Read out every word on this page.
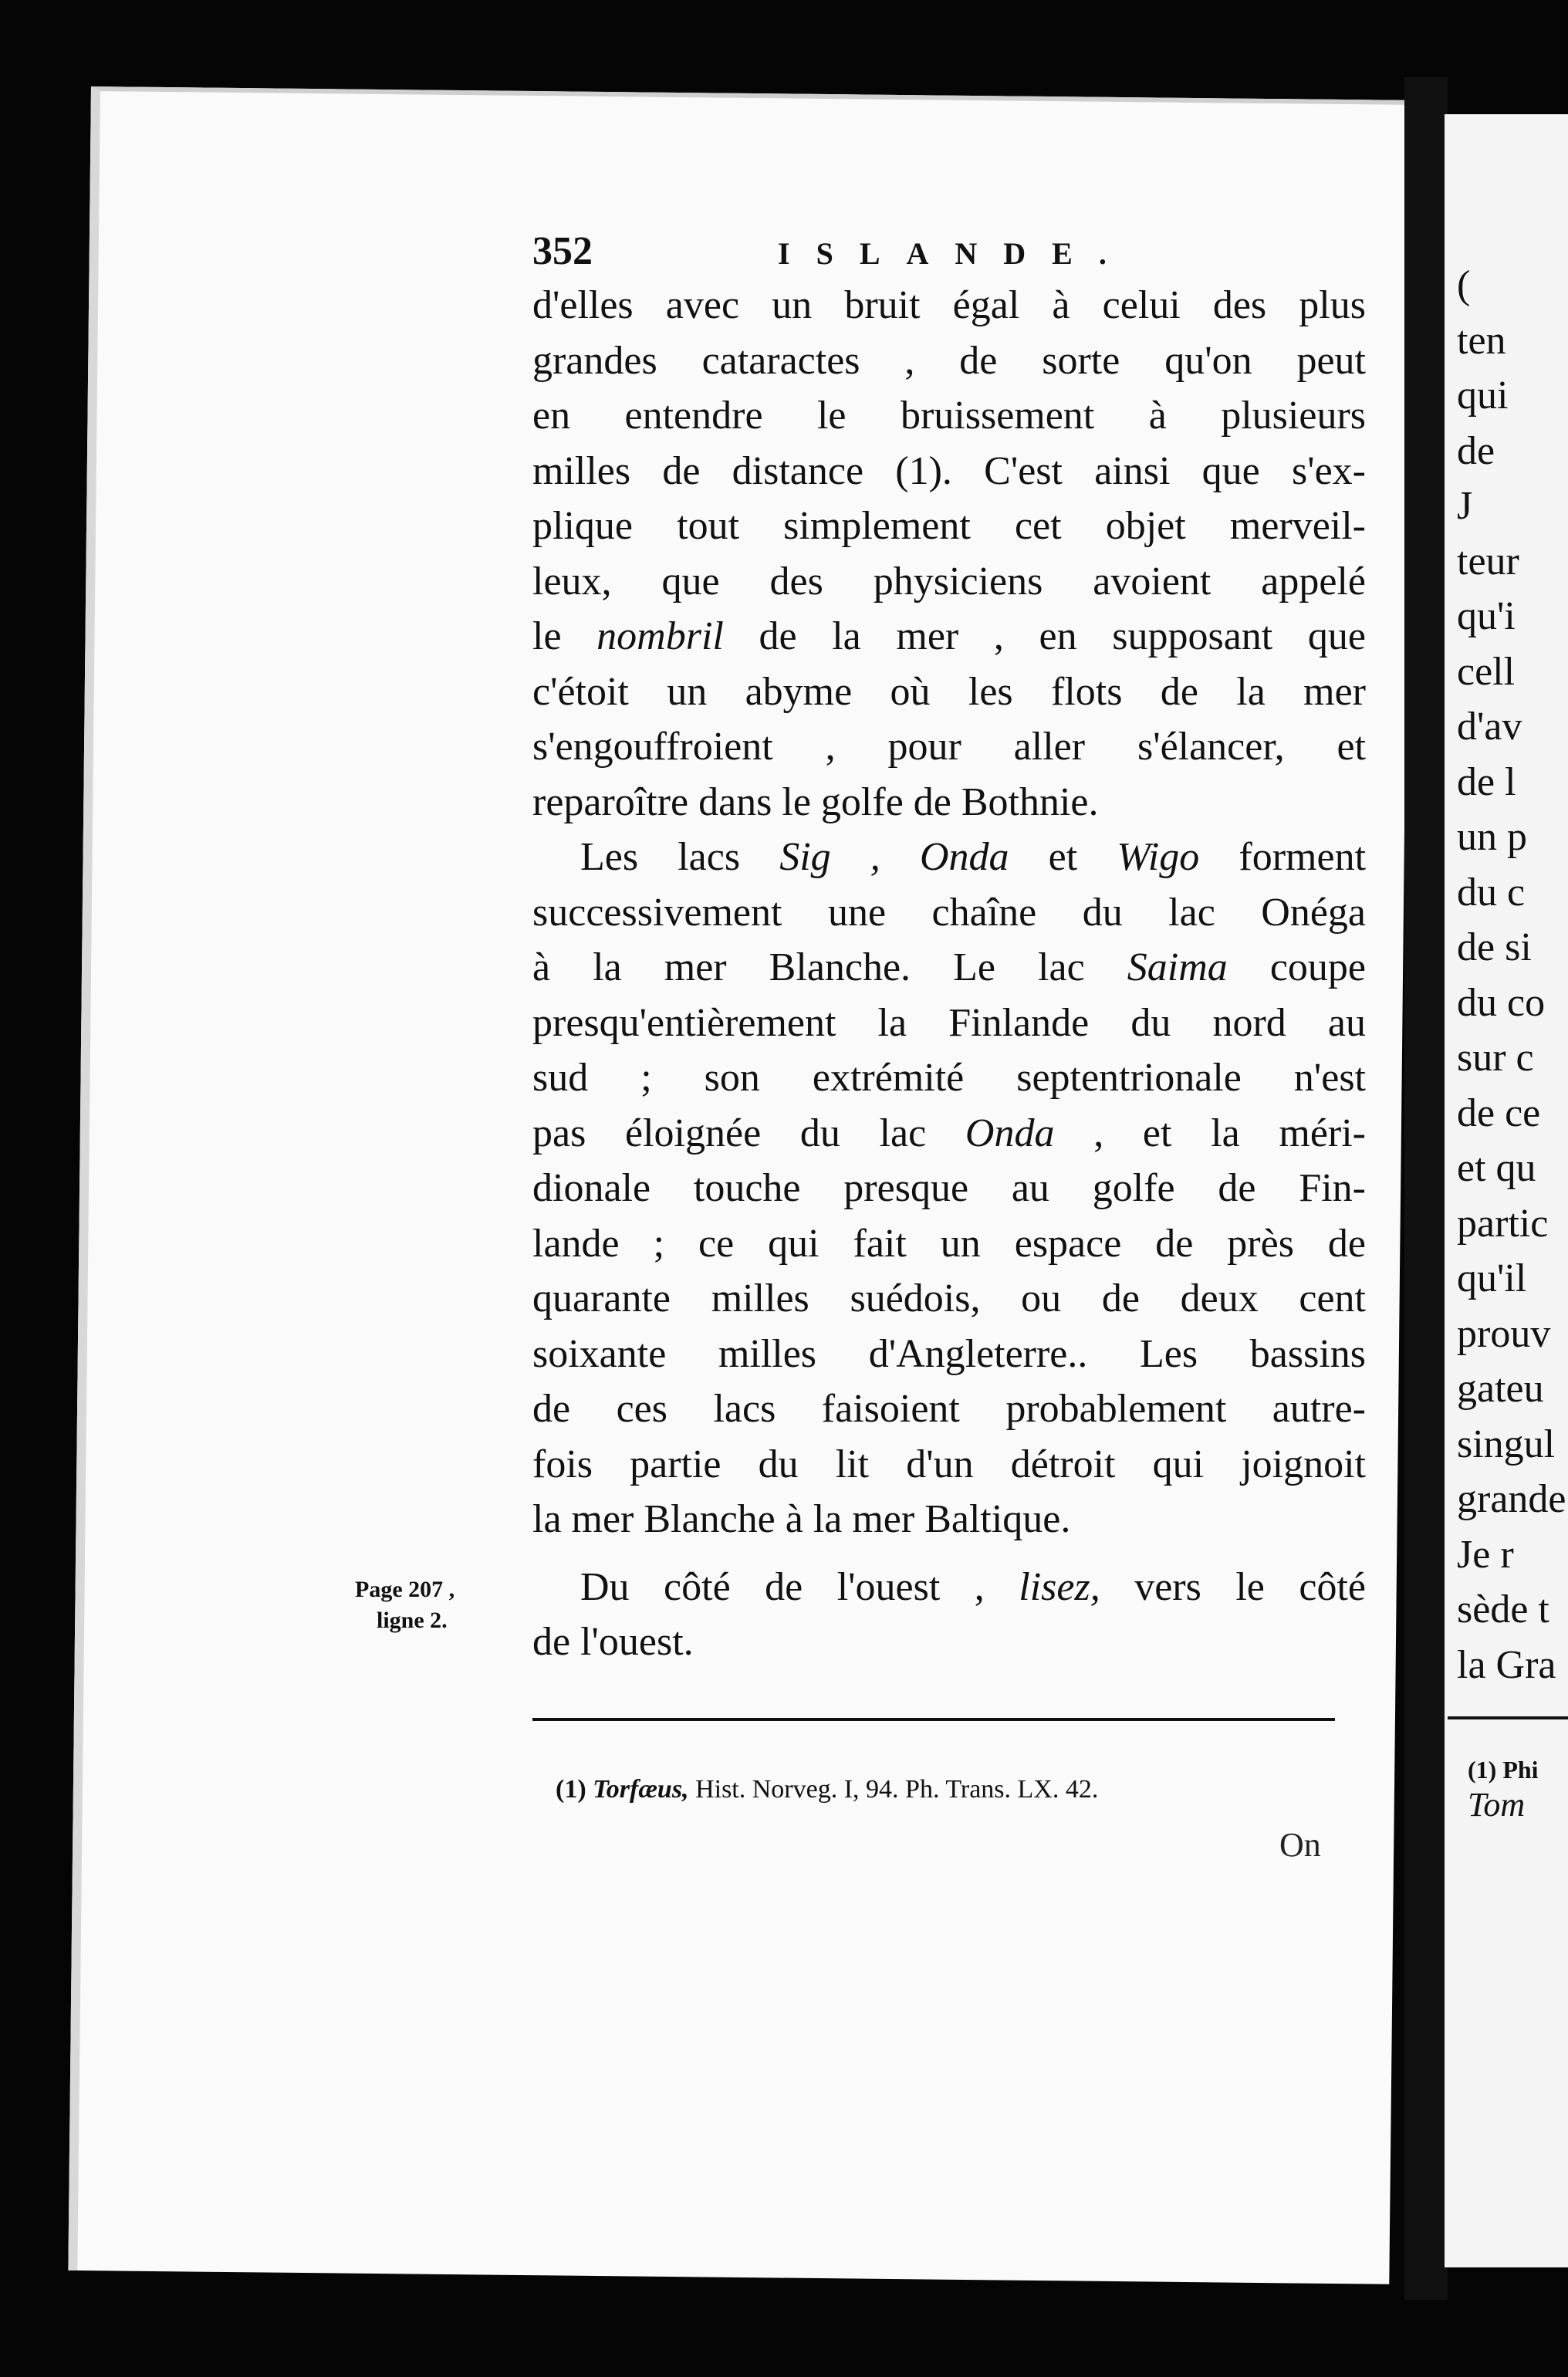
352	ISLANDE.
d'elles avec un bruit égal à celui des plus
grandes cataractes , de sorte qu'on peut
en entendre le bruissement à plusieurs
milles de distance (1). C'est ainsi que s'ex-
plique tout simplement cet objet merveil-
leux, que des physiciens avoient appelé
le nombril de la mer , en supposant que
c'étoit un abyme où les flots de la mer
s'engouffroient , pour aller s'élancer, et
reparoître dans le golfe de Bothnie.
Les lacs Sig , Onda et Wigo forment
successivement une chaîne du lac Onéga
à la mer Blanche. Le lac Saima coupe
presqu'entièrement la Finlande du nord au
sud ; son extrémité septentrionale n'est
pas éloignée du lac Onda , et la méri-
dionale touche presque au golfe de Fin-
lande ; ce qui fait un espace de près de
quarante milles suédois, ou de deux cent
soixante milles d'Angleterre.. Les bassins
de ces lacs faisoient probablement autre-
fois partie du lit d'un détroit qui joignoit
la mer Blanche à la mer Baltique.
Du côté de l'ouest , lisez, vers le côté
de l'ouest.
Page 207 ,
ligne 2.
(1) Torfæus, Hist. Norveg. I, 94. Ph. Trans. LX. 42.
On
(
ten
qui
de
J
teur
qu'i
cell
d'av
de l
un p
du c
de si
du co
sur c
de ce
et qu
partic
qu'il
prouv
gateu
singul
grande
Je r
sède t
la Gra
(1) Phi
Tom
